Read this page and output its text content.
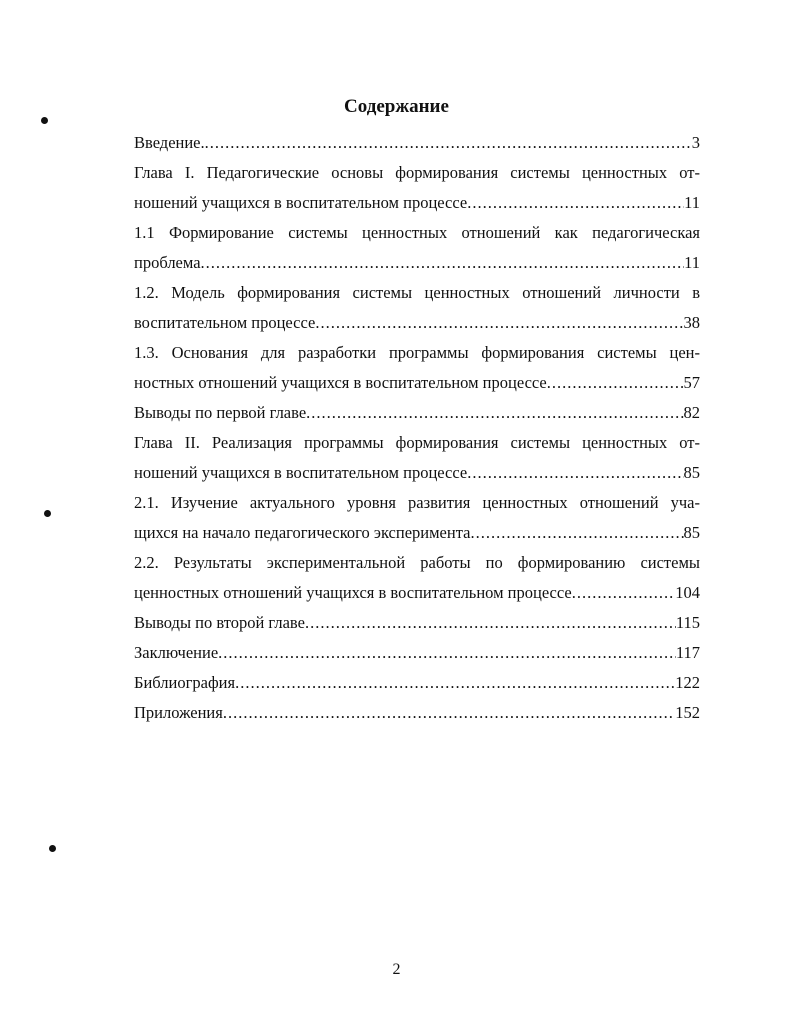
Содержание
Введение. .....	3
Глава I. Педагогические основы формирования системы ценностных от-
ношений учащихся в воспитательном процессе .....	11
1.1 Формирование системы ценностных отношений как педагогическая
проблема .....	11
1.2. Модель формирования системы ценностных отношений личности в
воспитательном процессе .....	38
1.3. Основания для разработки программы формирования системы цен-
ностных отношений учащихся в воспитательном процессе .....	57
Выводы по первой главе .....	82
Глава II. Реализация программы формирования системы ценностных от-
ношений учащихся в воспитательном процессе .....	85
2.1. Изучение актуального уровня развития ценностных отношений уча-
щихся на начало педагогического эксперимента .....	85
2.2. Результаты экспериментальной работы по формированию системы
ценностных отношений учащихся в воспитательном процессе .....	104
Выводы по второй главе .....	115
Заключение .....	117
Библиография .....	122
Приложения .....	152
2
